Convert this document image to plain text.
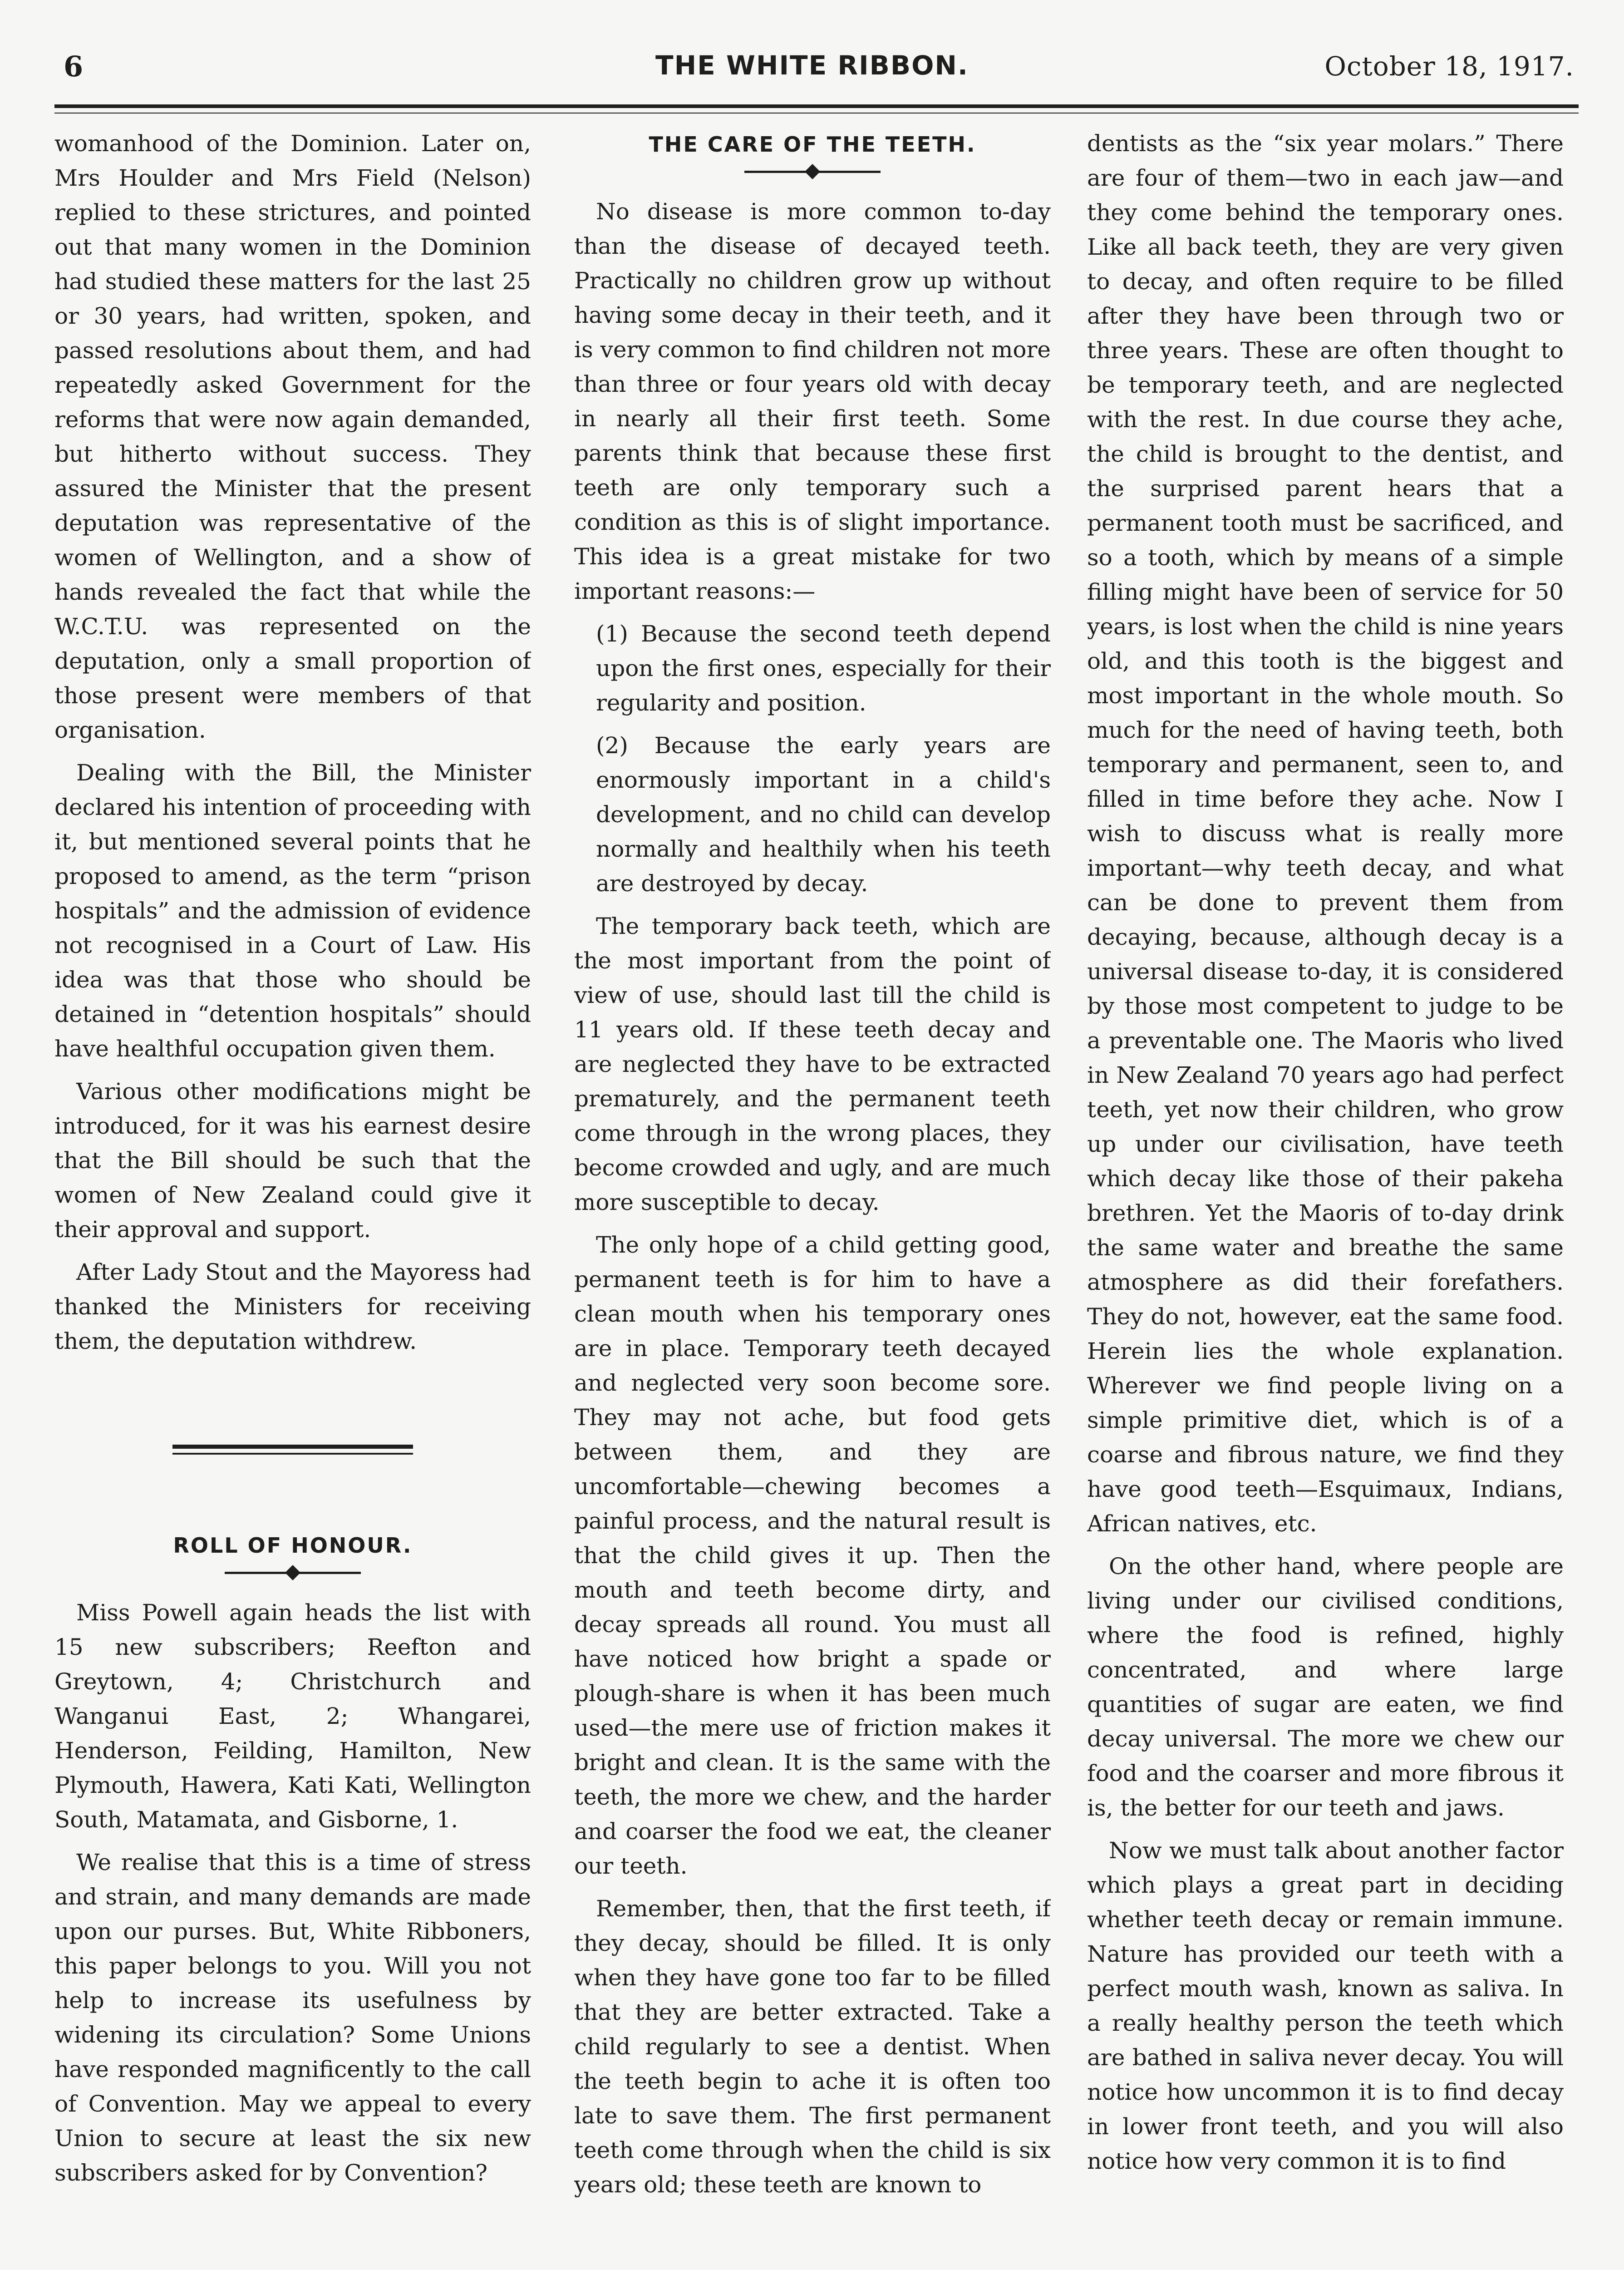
6	THE WHITE RIBBON.	October 18, 1917.

womanhood of the Dominion. Later on, Mrs Houlder and Mrs Field (Nelson) replied to these strictures, and pointed out that many women in the Dominion had studied these matters for the last 25 or 30 years, had written, spoken, and passed resolutions about them, and had repeatedly asked Government for the reforms that were now again demanded, but hitherto without success. They assured the Minister that the present deputation was representative of the women of Wellington, and a show of hands revealed the fact that while the W.C.T.U. was represented on the deputation, only a small proportion of those present were members of that organisation.

Dealing with the Bill, the Minister declared his intention of proceeding with it, but mentioned several points that he proposed to amend, as the term “prison hospitals” and the admission of evidence not recognised in a Court of Law. His idea was that those who should be detained in “detention hospitals” should have healthful occupation given them.

Various other modifications might be introduced, for it was his earnest desire that the Bill should be such that the women of New Zealand could give it their approval and support.

After Lady Stout and the Mayoress had thanked the Ministers for receiving them, the deputation withdrew.

ROLL OF HONOUR.

Miss Powell again heads the list with 15 new subscribers; Reefton and Greytown, 4; Christchurch and Wanganui East, 2; Whangarei, Henderson, Feilding, Hamilton, New Plymouth, Hawera, Kati Kati, Wellington South, Matamata, and Gisborne, 1.

We realise that this is a time of stress and strain, and many demands are made upon our purses. But, White Ribboners, this paper belongs to you. Will you not help to increase its usefulness by widening its circulation? Some Unions have responded magnificently to the call of Convention. May we appeal to every Union to secure at least the six new subscribers asked for by Convention?

THE CARE OF THE TEETH.

No disease is more common to-day than the disease of decayed teeth. Practically no children grow up without having some decay in their teeth, and it is very common to find children not more than three or four years old with decay in nearly all their first teeth. Some parents think that because these first teeth are only temporary such a condition as this is of slight importance. This idea is a great mistake for two important reasons:—

(1) Because the second teeth depend upon the first ones, especially for their regularity and position.

(2) Because the early years are enormously important in a child's development, and no child can develop normally and healthily when his teeth are destroyed by decay.

The temporary back teeth, which are the most important from the point of view of use, should last till the child is 11 years old. If these teeth decay and are neglected they have to be extracted prematurely, and the permanent teeth come through in the wrong places, they become crowded and ugly, and are much more susceptible to decay.

The only hope of a child getting good, permanent teeth is for him to have a clean mouth when his temporary ones are in place. Temporary teeth decayed and neglected very soon become sore. They may not ache, but food gets between them, and they are uncomfortable—chewing becomes a painful process, and the natural result is that the child gives it up. Then the mouth and teeth become dirty, and decay spreads all round. You must all have noticed how bright a spade or plough-share is when it has been much used—the mere use of friction makes it bright and clean. It is the same with the teeth, the more we chew, and the harder and coarser the food we eat, the cleaner our teeth.

Remember, then, that the first teeth, if they decay, should be filled. It is only when they have gone too far to be filled that they are better extracted. Take a child regularly to see a dentist. When the teeth begin to ache it is often too late to save them. The first permanent teeth come through when the child is six years old; these teeth are known to

dentists as the “six year molars.” There are four of them—two in each jaw—and they come behind the temporary ones. Like all back teeth, they are very given to decay, and often require to be filled after they have been through two or three years. These are often thought to be temporary teeth, and are neglected with the rest. In due course they ache, the child is brought to the dentist, and the surprised parent hears that a permanent tooth must be sacrificed, and so a tooth, which by means of a simple filling might have been of service for 50 years, is lost when the child is nine years old, and this tooth is the biggest and most important in the whole mouth. So much for the need of having teeth, both temporary and permanent, seen to, and filled in time before they ache. Now I wish to discuss what is really more important—why teeth decay, and what can be done to prevent them from decaying, because, although decay is a universal disease to-day, it is considered by those most competent to judge to be a preventable one. The Maoris who lived in New Zealand 70 years ago had perfect teeth, yet now their children, who grow up under our civilisation, have teeth which decay like those of their pakeha brethren. Yet the Maoris of to-day drink the same water and breathe the same atmosphere as did their forefathers. They do not, however, eat the same food. Herein lies the whole explanation. Wherever we find people living on a simple primitive diet, which is of a coarse and fibrous nature, we find they have good teeth—Esquimaux, Indians, African natives, etc.

On the other hand, where people are living under our civilised conditions, where the food is refined, highly concentrated, and where large quantities of sugar are eaten, we find decay universal. The more we chew our food and the coarser and more fibrous it is, the better for our teeth and jaws.

Now we must talk about another factor which plays a great part in deciding whether teeth decay or remain immune. Nature has provided our teeth with a perfect mouth wash, known as saliva. In a really healthy person the teeth which are bathed in saliva never decay. You will notice how uncommon it is to find decay in lower front teeth, and you will also notice how very common it is to find
